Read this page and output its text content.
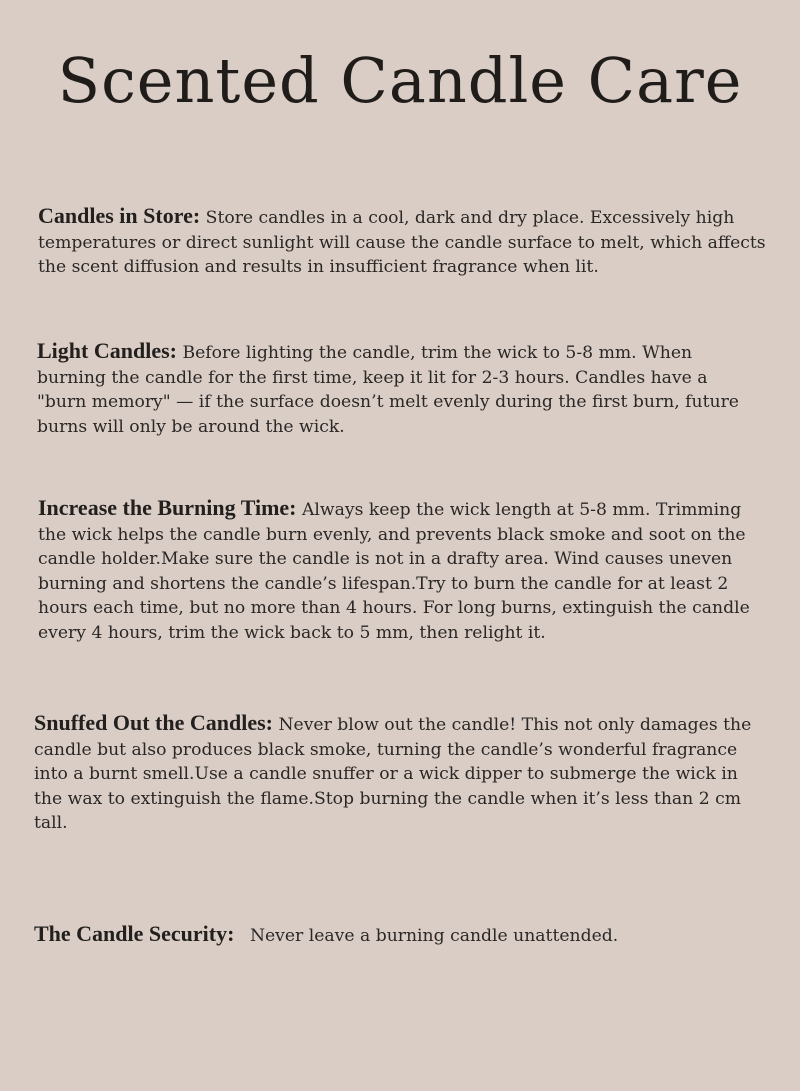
Scented Candle Care
Candles in Store: Store candles in a cool, dark and dry place. Excessively high temperatures or direct sunlight will cause the candle surface to melt, which affects the scent diffusion and results in insufficient fragrance when lit.
Light Candles: Before lighting the candle, trim the wick to 5-8 mm. When burning the candle for the first time, keep it lit for 2-3 hours. Candles have a "burn memory" — if the surface doesn’t melt evenly during the first burn, future burns will only be around the wick.
Increase the Burning Time: Always keep the wick length at 5-8 mm. Trimming the wick helps the candle burn evenly, and prevents black smoke and soot on the candle holder.Make sure the candle is not in a drafty area. Wind causes uneven burning and shortens the candle’s lifespan.Try to burn the candle for at least 2 hours each time, but no more than 4 hours. For long burns, extinguish the candle every 4 hours, trim the wick back to 5 mm, then relight it.
Snuffed Out the Candles: Never blow out the candle! This not only damages the candle but also produces black smoke, turning the candle’s wonderful fragrance into a burnt smell.Use a candle snuffer or a wick dipper to submerge the wick in the wax to extinguish the flame.Stop burning the candle when it’s less than 2 cm tall.
The Candle Security: Never leave a burning candle unattended.
